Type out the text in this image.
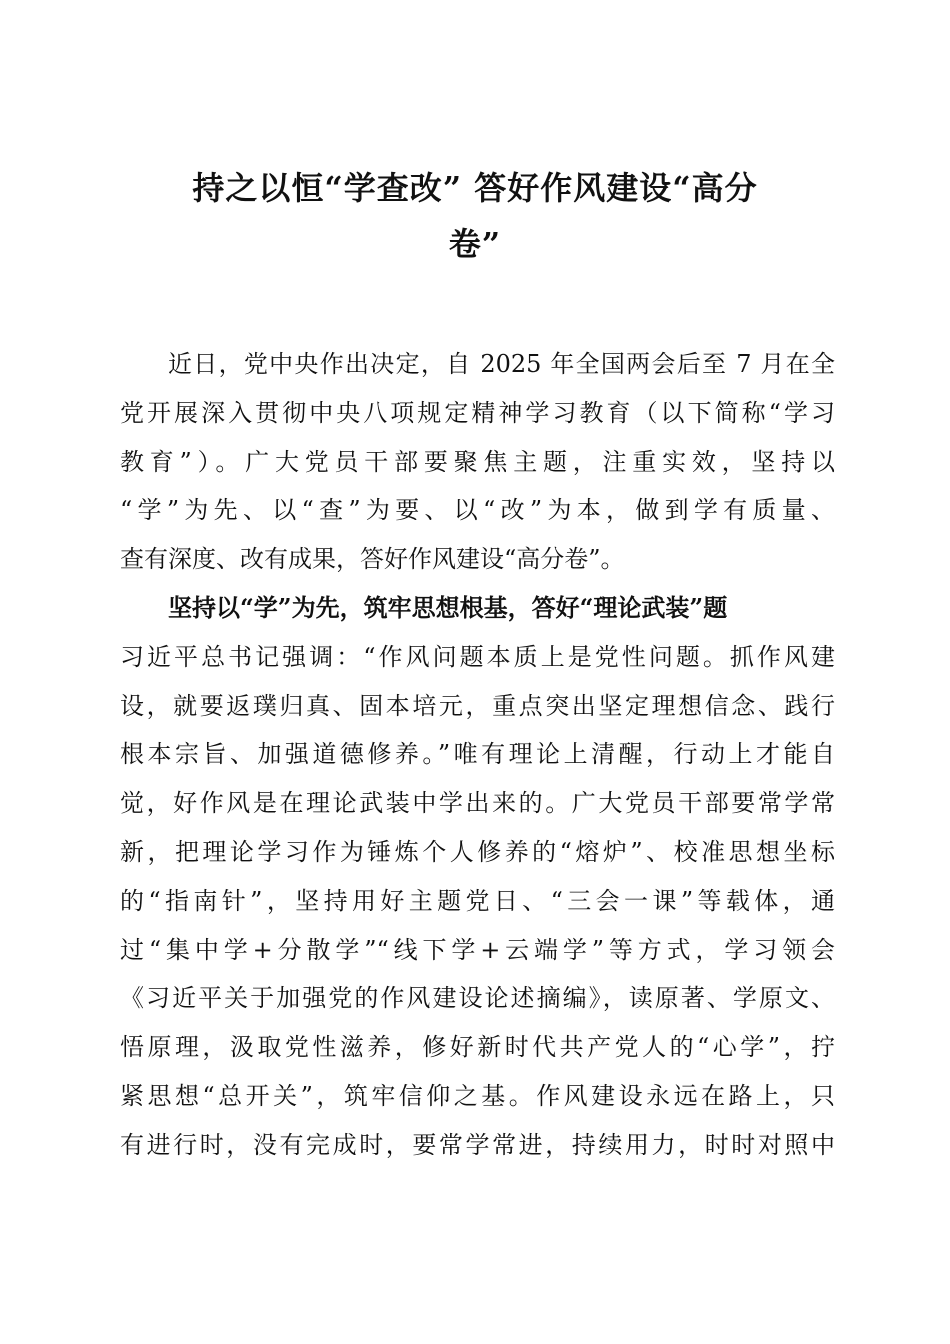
持之以恒“学查改” 答好作风建设“高分
卷”
近日，党中央作出决定，自 2025 年全国两会后至 7 月在全
党开展深入贯彻中央八项规定精神学习教育（以下简称“学习
教育”）。广大党员干部要聚焦主题，注重实效，坚持以
“学”为先、以“查”为要、以“改”为本，做到学有质量、
查有深度、改有成果，答好作风建设“高分卷”。
坚持以“学”为先，筑牢思想根基，答好“理论武装”题
习近平总书记强调：“作风问题本质上是党性问题。抓作风建
设，就要返璞归真、固本培元，重点突出坚定理想信念、践行
根本宗旨、加强道德修养。”唯有理论上清醒，行动上才能自
觉，好作风是在理论武装中学出来的。广大党员干部要常学常
新，把理论学习作为锤炼个人修养的“熔炉”、校准思想坐标
的“指南针”，坚持用好主题党日、“三会一课”等载体，通
过“集中学+分散学”“线下学+云端学”等方式，学习领会
《习近平关于加强党的作风建设论述摘编》，读原著、学原文、
悟原理，汲取党性滋养，修好新时代共产党人的“心学”，拧
紧思想“总开关”，筑牢信仰之基。作风建设永远在路上，只
有进行时，没有完成时，要常学常进，持续用力，时时对照中
